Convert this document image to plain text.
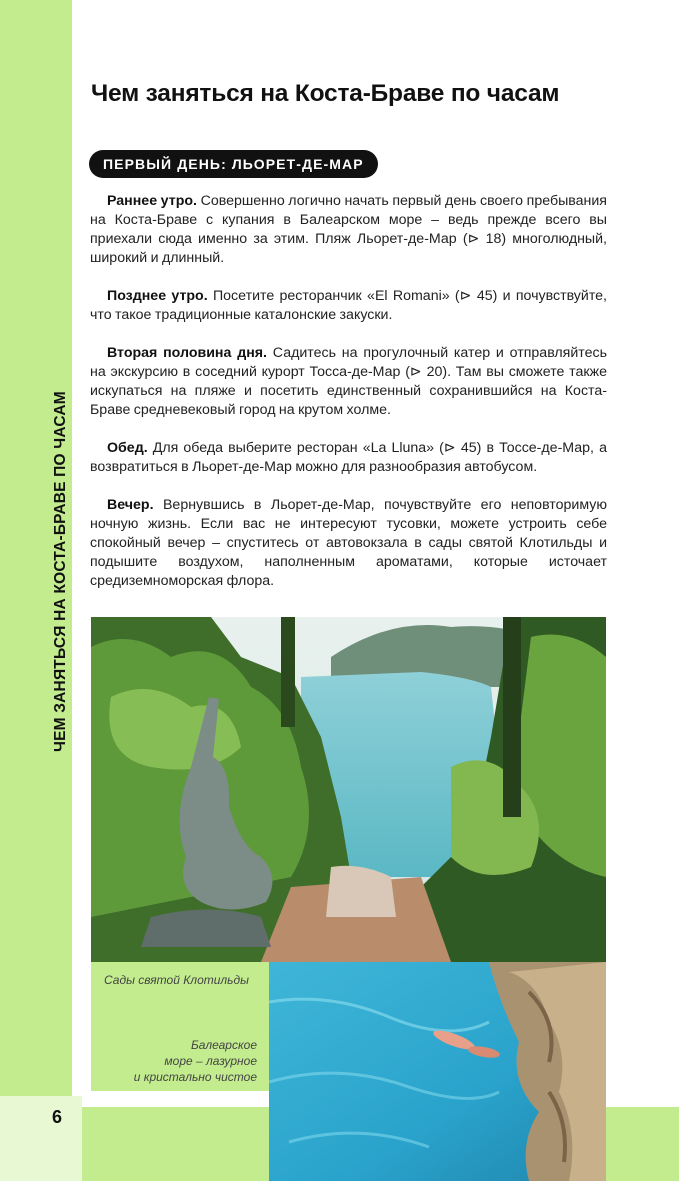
ЧЕМ ЗАНЯТЬСЯ НА КОСТА-БРАВЕ ПО ЧАСАМ
Чем заняться на Коста-Браве по часам
ПЕРВЫЙ ДЕНЬ: ЛЬОРЕТ-ДЕ-МАР

Раннее утро. Совершенно логично начать первый день своего пребывания на Коста-Браве с купания в Балеарском море – ведь прежде всего вы приехали сюда именно за этим. Пляж Льорет-де-Мар (⊳ 18) многолюдный, широкий и длинный.

Позднее утро. Посетите ресторанчик «El Romani» (⊳ 45) и почувствуйте, что такое традиционные каталонские закуски.

Вторая половина дня. Садитесь на прогулочный катер и отправляйтесь на экскурсию в соседний курорт Тосса-де-Мар (⊳ 20). Там вы сможете также искупаться на пляже и посетить единственный сохранившийся на Коста-Браве средневековый город на крутом холме.

Обед. Для обеда выберите ресторан «La Lluna» (⊳ 45) в Тоссе-де-Мар, а возвратиться в Льорет-де-Мар можно для разнообразия автобусом.

Вечер. Вернувшись в Льорет-де-Мар, почувствуйте его неповторимую ночную жизнь. Если вас не интересуют тусовки, можете устроить себе спокойный вечер – спуститесь от автовокзала в сады святой Клотильды и подышите воздухом, наполненным ароматами, которые источает средиземноморская флора.

Сады святой Клотильды
Балеарское
море – лазурное
и кристально чистое
6
